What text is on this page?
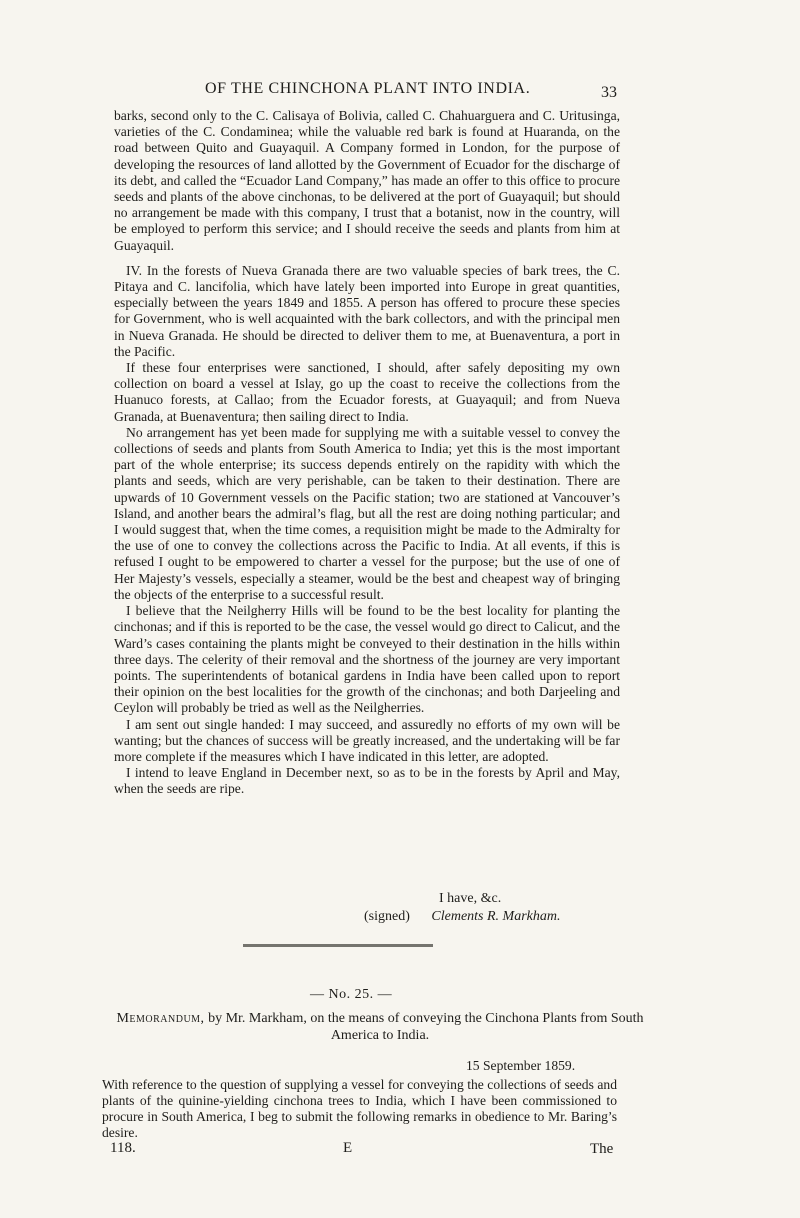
OF THE CHINCHONA PLANT INTO INDIA.	33

barks, second only to the C. Calisaya of Bolivia, called C. Chahuarguera and C. Uritusinga, varieties of the C. Condaminea; while the valuable red bark is found at Huaranda, on the road between Quito and Guayaquil. A Company formed in London, for the purpose of developing the resources of land allotted by the Government of Ecuador for the discharge of its debt, and called the “Ecuador Land Company,” has made an offer to this office to procure seeds and plants of the above cinchonas, to be delivered at the port of Guayaquil; but should no arrangement be made with this company, I trust that a botanist, now in the country, will be employed to perform this service; and I should receive the seeds and plants from him at Guayaquil.

IV. In the forests of Nueva Granada there are two valuable species of bark trees, the C. Pitaya and C. lancifolia, which have lately been imported into Europe in great quantities, especially between the years 1849 and 1855. A person has offered to procure these species for Government, who is well acquainted with the bark collectors, and with the principal men in Nueva Granada. He should be directed to deliver them to me, at Buenaventura, a port in the Pacific.

If these four enterprises were sanctioned, I should, after safely depositing my own collection on board a vessel at Islay, go up the coast to receive the collections from the Huanuco forests, at Callao; from the Ecuador forests, at Guayaquil; and from Nueva Granada, at Buenaventura; then sailing direct to India.

No arrangement has yet been made for supplying me with a suitable vessel to convey the collections of seeds and plants from South America to India; yet this is the most important part of the whole enterprise; its success depends entirely on the rapidity with which the plants and seeds, which are very perishable, can be taken to their destination. There are upwards of 10 Government vessels on the Pacific station; two are stationed at Vancouver’s Island, and another bears the admiral’s flag, but all the rest are doing nothing particular; and I would suggest that, when the time comes, a requisition might be made to the Admiralty for the use of one to convey the collections across the Pacific to India. At all events, if this is refused I ought to be empowered to charter a vessel for the purpose; but the use of one of Her Majesty’s vessels, especially a steamer, would be the best and cheapest way of bringing the objects of the enterprise to a successful result.

I believe that the Neilgherry Hills will be found to be the best locality for planting the cinchonas; and if this is reported to be the case, the vessel would go direct to Calicut, and the Ward’s cases containing the plants might be conveyed to their destination in the hills within three days. The celerity of their removal and the shortness of the journey are very important points. The superintendents of botanical gardens in India have been called upon to report their opinion on the best localities for the growth of the cinchonas; and both Darjeeling and Ceylon will probably be tried as well as the Neilgherries.

I am sent out single handed: I may succeed, and assuredly no efforts of my own will be wanting; but the chances of success will be greatly increased, and the undertaking will be far more complete if the measures which I have indicated in this letter, are adopted.

I intend to leave England in December next, so as to be in the forests by April and May, when the seeds are ripe.

I have, &c.
(signed) Clements R. Markham.
— No. 25. —
Memorandum, by Mr. Markham, on the means of conveying the Cinchona Plants from South America to India.
15 September 1859.
With reference to the question of supplying a vessel for conveying the collections of seeds and plants of the quinine-yielding cinchona trees to India, which I have been commissioned to procure in South America, I beg to submit the following remarks in obedience to Mr. Baring’s desire.
118.	E	The
